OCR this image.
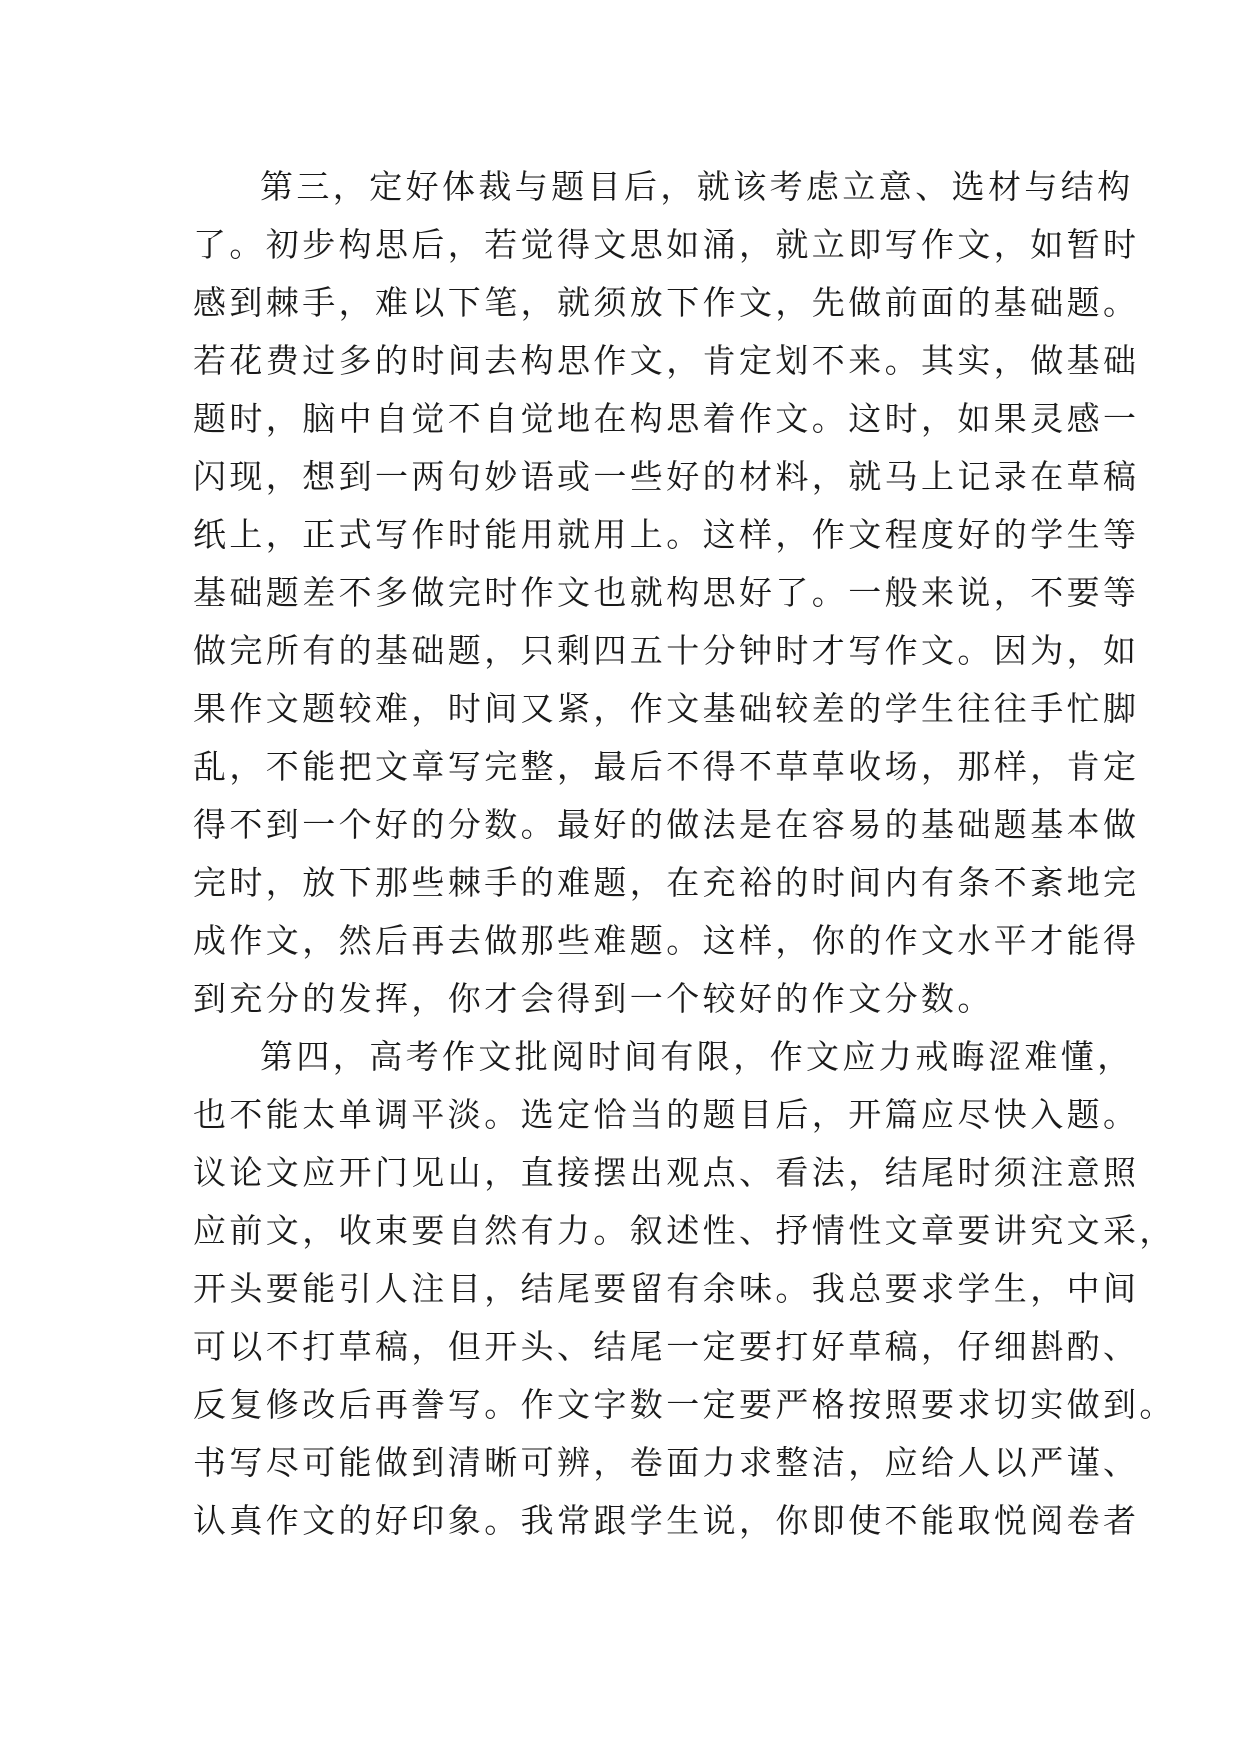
第三，定好体裁与题目后，就该考虑立意、选材与结构
了。初步构思后，若觉得文思如涌，就立即写作文，如暂时
感到棘手，难以下笔，就须放下作文，先做前面的基础题。
若花费过多的时间去构思作文，肯定划不来。其实，做基础
题时，脑中自觉不自觉地在构思着作文。这时，如果灵感一
闪现，想到一两句妙语或一些好的材料，就马上记录在草稿
纸上，正式写作时能用就用上。这样，作文程度好的学生等
基础题差不多做完时作文也就构思好了。一般来说，不要等
做完所有的基础题，只剩四五十分钟时才写作文。因为，如
果作文题较难，时间又紧，作文基础较差的学生往往手忙脚
乱，不能把文章写完整，最后不得不草草收场，那样，肯定
得不到一个好的分数。最好的做法是在容易的基础题基本做
完时，放下那些棘手的难题，在充裕的时间内有条不紊地完
成作文，然后再去做那些难题。这样，你的作文水平才能得
到充分的发挥，你才会得到一个较好的作文分数。
第四，高考作文批阅时间有限，作文应力戒晦涩难懂，
也不能太单调平淡。选定恰当的题目后，开篇应尽快入题。
议论文应开门见山，直接摆出观点、看法，结尾时须注意照
应前文，收束要自然有力。叙述性、抒情性文章要讲究文采，
开头要能引人注目，结尾要留有余味。我总要求学生，中间
可以不打草稿，但开头、结尾一定要打好草稿，仔细斟酌、
反复修改后再誊写。作文字数一定要严格按照要求切实做到。
书写尽可能做到清晰可辨，卷面力求整洁，应给人以严谨、
认真作文的好印象。我常跟学生说，你即使不能取悦阅卷者
